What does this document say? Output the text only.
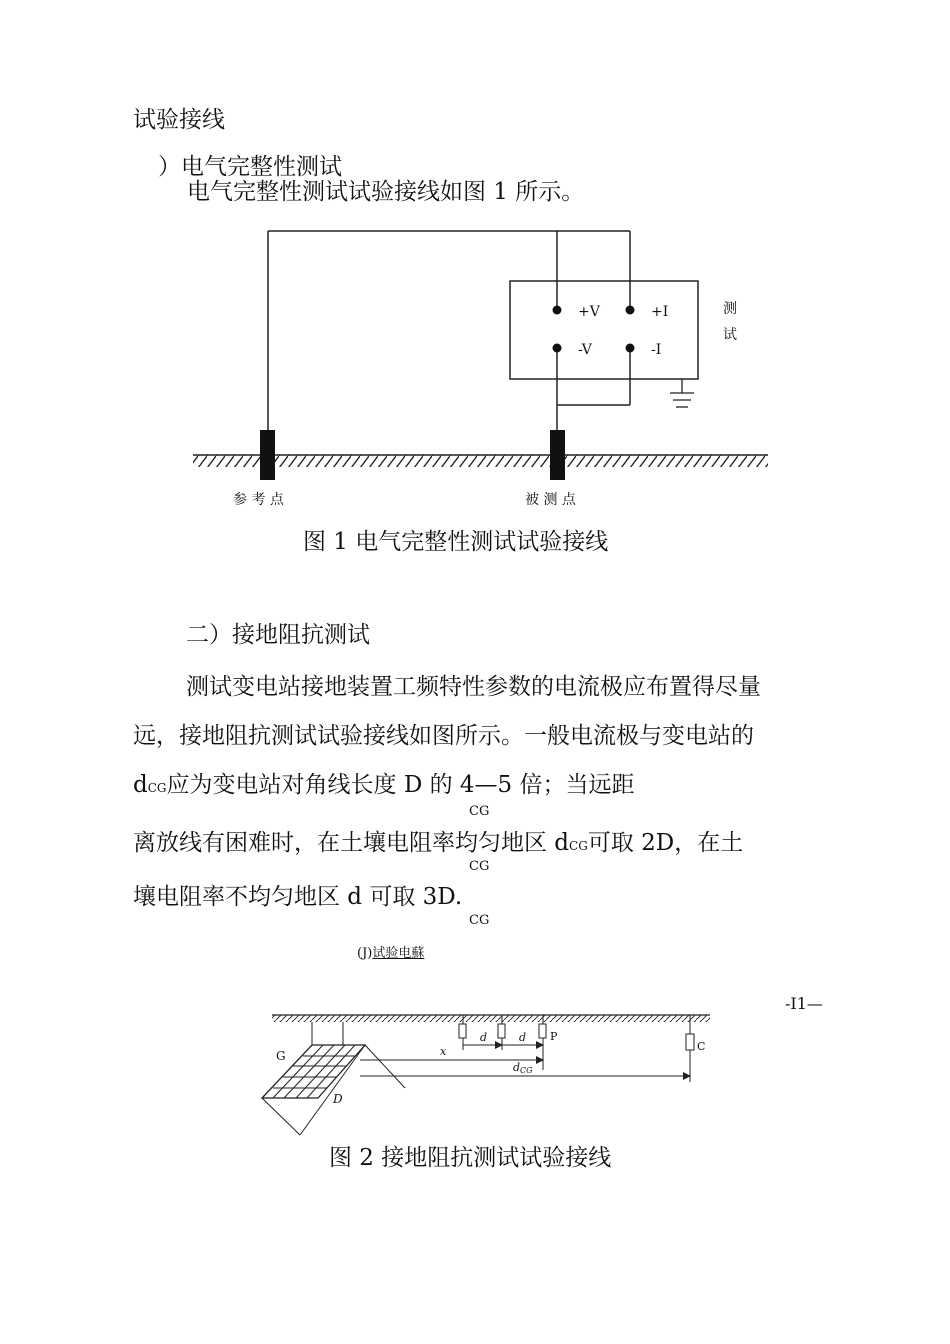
试验接线
）电气完整性测试
电气完整性测试试验接线如图 1 所示。
+V	+I
-V	-I
测
试
参 考 点	被 测 点
图 1 电气完整性测试试验接线
二）接地阻抗测试
测试变电站接地装置工频特性参数的电流极应布置得尽量
远，接地阻抗测试试验接线如图所示。一般电流极与变电站的
dCG应为变电站对角线长度 D 的 4—5 倍；当远距
CG
离放线有困难时，在土壤电阻率均匀地区 dCG可取 2D，在土
CG
壤电阻率不均匀地区 d 可取 3D.
CG
(J)试验电蘇
-I1—
G
D
P
C
d	d
x
dCG
图 2 接地阻抗测试试验接线
